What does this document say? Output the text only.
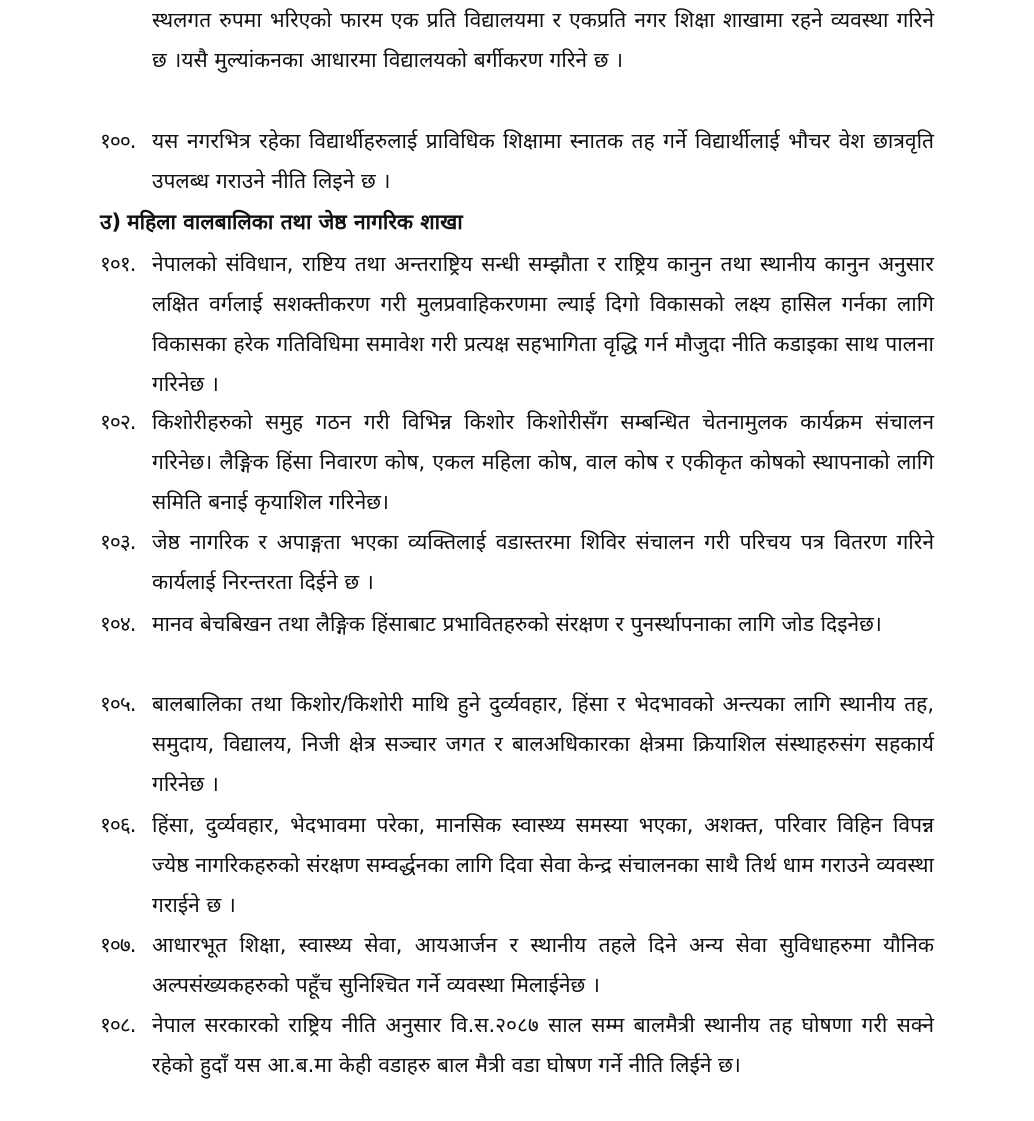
स्थलगत रुपमा भरिएको फारम एक प्रति विद्यालयमा र एकप्रति नगर शिक्षा शाखामा रहने व्यवस्था गरिने छ ।यसै मुल्यांकनका आधारमा विद्यालयको बर्गीकरण गरिने छ ।
१००. यस नगरभित्र रहेका विद्यार्थीहरुलाई प्राविधिक शिक्षामा स्नातक तह गर्ने विद्यार्थीलाई भौचर वेश छात्रवृति उपलब्ध गराउने नीति लिइने छ ।
उ) महिला वालबालिका तथा जेष्ठ नागरिक शाखा
१०१. नेपालको संविधान, राष्टिय तथा अन्तराष्ट्रिय सन्धी सम्झौता र राष्ट्रिय कानुन तथा स्थानीय कानुन अनुसार लक्षित वर्गलाई सशक्तीकरण गरी मुलप्रवाहिकरणमा ल्याई दिगो विकासको लक्ष्य हासिल गर्नका लागि विकासका हरेक गतिविधिमा समावेश गरी प्रत्यक्ष सहभागिता वृद्धि गर्न मौजुदा नीति कडाइका साथ पालना गरिनेछ ।
१०२. किशोरीहरुको समुह गठन गरी विभिन्न किशोर किशोरीसँग सम्बन्धित चेतनामुलक कार्यक्रम संचालन गरिनेछ। लैङ्गिक हिंसा निवारण कोष, एकल महिला कोष, वाल कोष र एकीकृत कोषको स्थापनाको लागि समिति बनाई कृयाशिल गरिनेछ।
१०३. जेष्ठ नागरिक र अपाङ्गता भएका व्यक्तिलाई वडास्तरमा शिविर संचालन गरी परिचय पत्र वितरण गरिने कार्यलाई निरन्तरता दिईने छ ।
१०४. मानव बेचबिखन तथा लैङ्गिक हिंसाबाट प्रभावितहरुको संरक्षण र पुनर्स्थापनाका लागि जोड दिइनेछ।
१०५. बालबालिका तथा किशोर/किशोरी माथि हुने दुर्व्यवहार, हिंसा र भेदभावको अन्त्यका लागि स्थानीय तह, समुदाय, विद्यालय, निजी क्षेत्र सञ्चार जगत र बालअधिकारका क्षेत्रमा क्रियाशिल संस्थाहरुसंग सहकार्य गरिनेछ ।
१०६. हिंसा, दुर्व्यवहार, भेदभावमा परेका, मानसिक स्वास्थ्य समस्या भएका, अशक्त, परिवार विहिन विपन्न ज्येष्ठ नागरिकहरुको संरक्षण सम्वर्द्धनका लागि दिवा सेवा केन्द्र संचालनका साथै तिर्थ धाम गराउने व्यवस्था गराईने छ ।
१०७. आधारभूत शिक्षा, स्वास्थ्य सेवा, आयआर्जन र स्थानीय तहले दिने अन्य सेवा सुविधाहरुमा यौनिक अल्पसंख्यकहरुको पहूँच सुनिश्चित गर्ने व्यवस्था मिलाईनेछ ।
१०८. नेपाल सरकारको राष्ट्रिय नीति अनुसार वि.स.२०८७ साल सम्म बालमैत्री स्थानीय तह घोषणा गरी सक्ने रहेको हुदाँ यस आ.ब.मा केही वडाहरु बाल मैत्री वडा घोषण गर्ने नीति लिईने छ।
